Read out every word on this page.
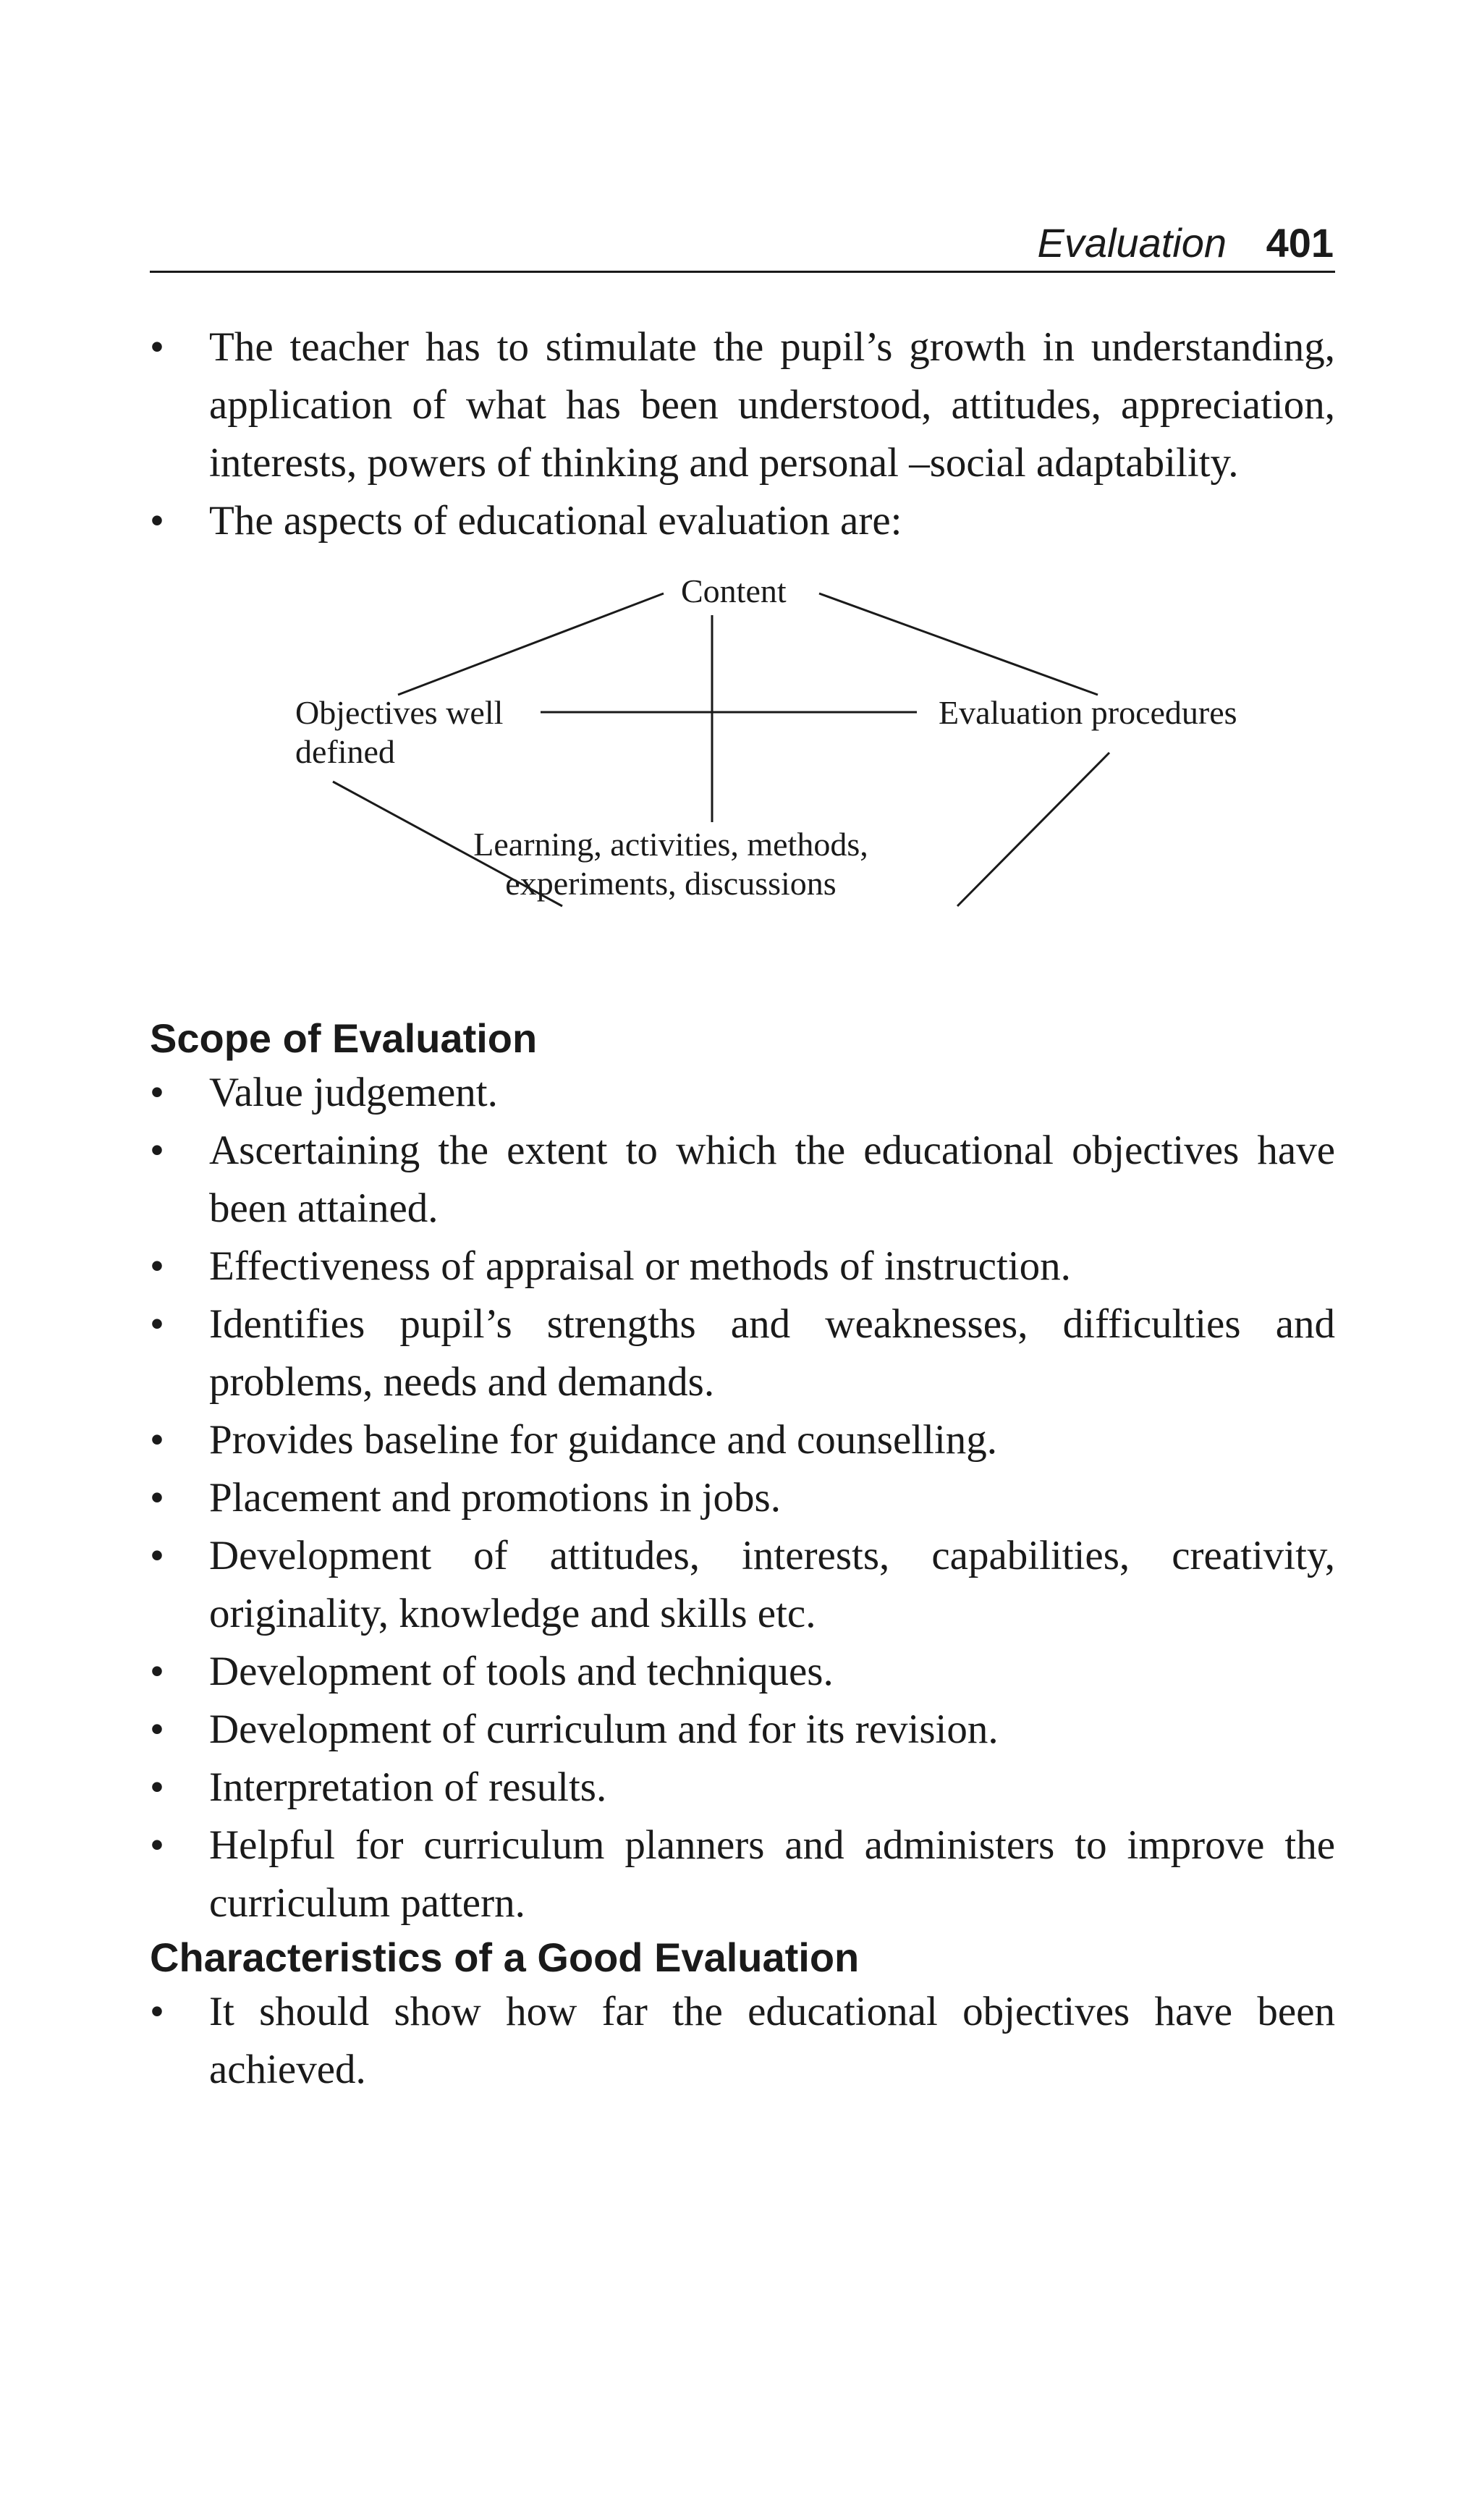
Evaluation 401
• The teacher has to stimulate the pupil’s growth in understanding, application of what has been understood, attitudes, appreciation, interests, powers of thinking and personal –social adaptability.
• The aspects of educational evaluation are:
Content
Objectives well defined
Evaluation procedures
Learning, activities, methods, experiments, discussions
Scope of Evaluation
• Value judgement.
• Ascertaining the extent to which the educational objectives have been attained.
• Effectiveness of appraisal or methods of instruction.
• Identifies pupil’s strengths and weaknesses, difficulties and problems, needs and demands.
• Provides baseline for guidance and counselling.
• Placement and promotions in jobs.
• Development of attitudes, interests, capabilities, creativity, originality, knowledge and skills etc.
• Development of tools and techniques.
• Development of curriculum and for its revision.
• Interpretation of results.
• Helpful for curriculum planners and administers to improve the curriculum pattern.
Characteristics of a Good Evaluation
• It should show how far the educational objectives have been achieved.
